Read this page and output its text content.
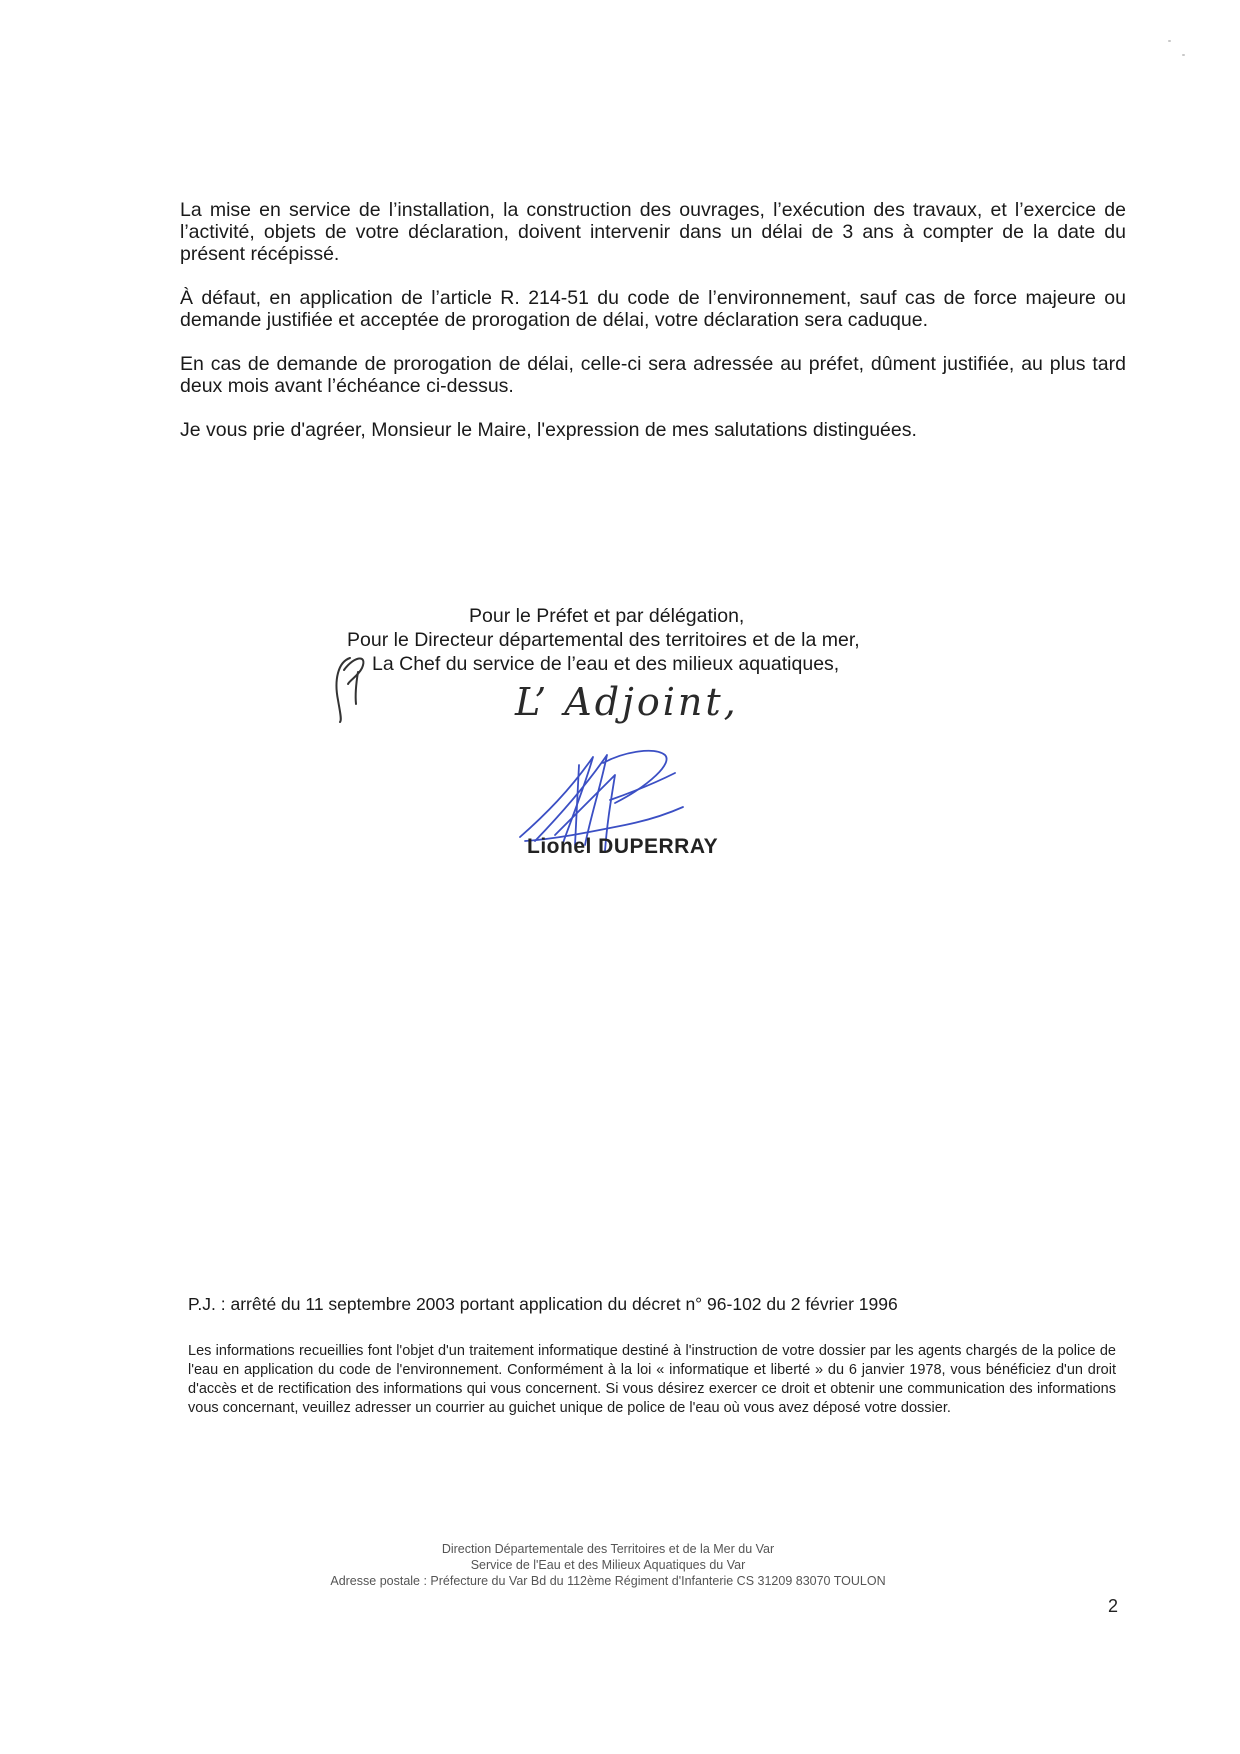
La mise en service de l’installation, la construction des ouvrages, l’exécution des travaux, et l’exercice de l’activité, objets de votre déclaration, doivent intervenir dans un délai de 3 ans à compter de la date du présent récépissé.

À défaut, en application de l’article R. 214-51 du code de l’environnement, sauf cas de force majeure ou demande justifiée et acceptée de prorogation de délai, votre déclaration sera caduque.

En cas de demande de prorogation de délai, celle-ci sera adressée au préfet, dûment justifiée, au plus tard deux mois avant l’échéance ci-dessus.

Je vous prie d'agréer, Monsieur le Maire, l'expression de mes salutations distinguées.

Pour le Préfet et par délégation,

Pour le Directeur départemental des territoires et de la mer,

La Chef du service de l’eau et des milieux aquatiques,

L’ Adjoint,

Lionel DUPERRAY

P.J. : arrêté du 11 septembre 2003 portant application du décret n° 96-102 du 2 février 1996

Les informations recueillies font l'objet d'un traitement informatique destiné à l'instruction de votre dossier par les agents chargés de la police de l'eau en application du code de l'environnement. Conformément à la loi « informatique et liberté » du 6 janvier 1978, vous bénéficiez d'un droit d'accès et de rectification des informations qui vous concernent. Si vous désirez exercer ce droit et obtenir une communication des informations vous concernant, veuillez adresser un courrier au guichet unique de police de l'eau où vous avez déposé votre dossier.

Direction Départementale des Territoires et de la Mer du Var

Service de l'Eau et des Milieux Aquatiques du Var

Adresse postale : Préfecture du Var Bd du 112ème Régiment d'Infanterie CS 31209 83070 TOULON

2
